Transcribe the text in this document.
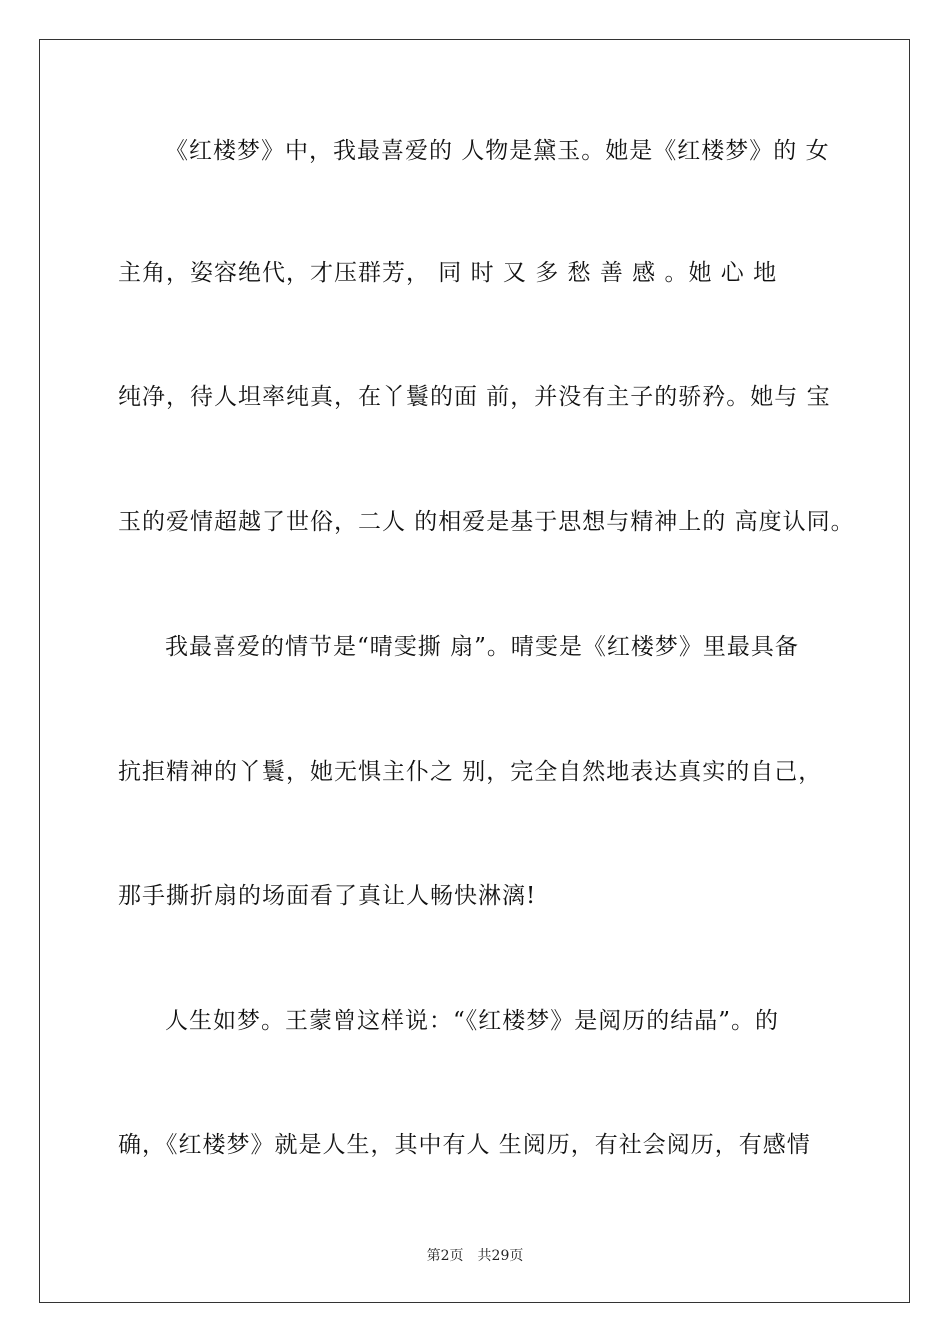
《红楼梦》中，我最喜爱的 人物是黛玉。她是《红楼梦》的 女
主角，姿容绝代，才压群芳， 同 时 又 多 愁 善 感 。她 心 地
纯净，待人坦率纯真，在丫鬟的面 前，并没有主子的骄矜。她与 宝
玉的爱情超越了世俗，二人 的相爱是基于思想与精神上的 高度认同。
我最喜爱的情节是“晴雯撕 扇”。晴雯是《红楼梦》里最具备
抗拒精神的丫鬟，她无惧主仆之 别，完全自然地表达真实的自己，
那手撕折扇的场面看了真让人畅快淋漓!
人生如梦。王蒙曾这样说：“《红楼梦》是阅历的结晶”。的
确，《红楼梦》就是人生，其中有人 生阅历，有社会阅历，有感情
第2页 共29页
